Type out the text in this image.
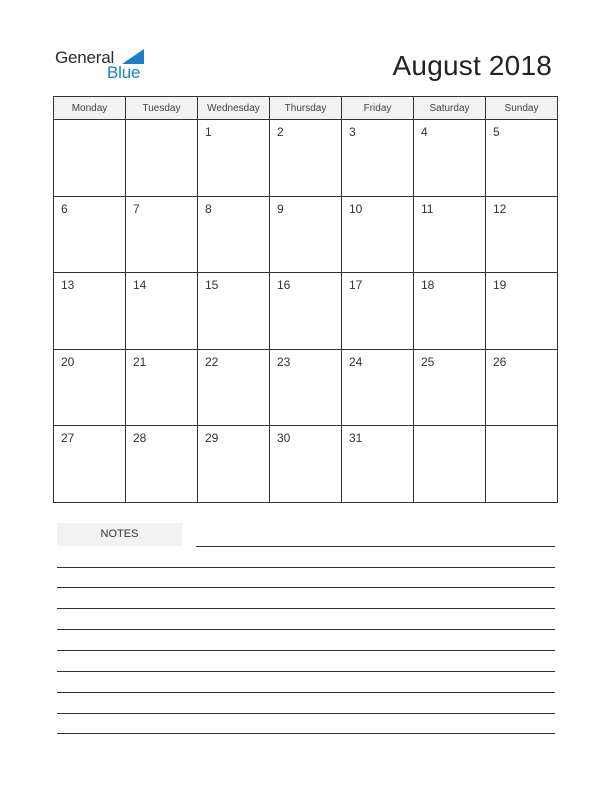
General
Blue	August 2018
Monday	Tuesday	Wednesday	Thursday	Friday	Saturday	Sunday

		1	2	3	4	5

6	7	8	9	10	11	12

13	14	15	16	17	18	19

20	21	22	23	24	25	26

27	28	29	30	31		

NOTES
